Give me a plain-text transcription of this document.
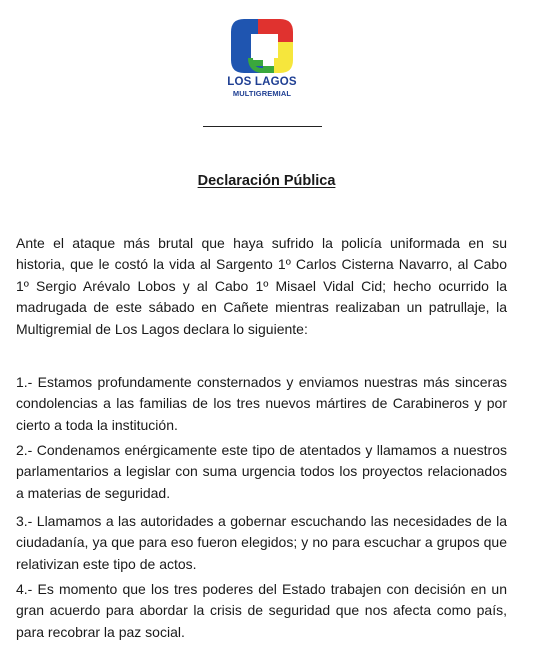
LOS LAGOS
MULTIGREMIAL
Declaración Pública
Ante el ataque más brutal que haya sufrido la policía uniformada en su historia, que le costó la vida al Sargento 1º Carlos Cisterna Navarro, al Cabo 1º Sergio Arévalo Lobos y al Cabo 1º Misael Vidal Cid; hecho ocurrido la madrugada de este sábado en Cañete mientras realizaban un patrullaje, la Multigremial de Los Lagos declara lo siguiente:
1.- Estamos profundamente consternados y enviamos nuestras más sinceras condolencias a las familias de los tres nuevos mártires de Carabineros y por cierto a toda la institución.
2.- Condenamos enérgicamente este tipo de atentados y llamamos a nuestros parlamentarios a legislar con suma urgencia todos los proyectos relacionados a materias de seguridad.
3.- Llamamos a las autoridades a gobernar escuchando las necesidades de la ciudadanía, ya que para eso fueron elegidos; y no para escuchar a grupos que relativizan este tipo de actos.
4.- Es momento que los tres poderes del Estado trabajen con decisión en un gran acuerdo para abordar la crisis de seguridad que nos afecta como país, para recobrar la paz social.
